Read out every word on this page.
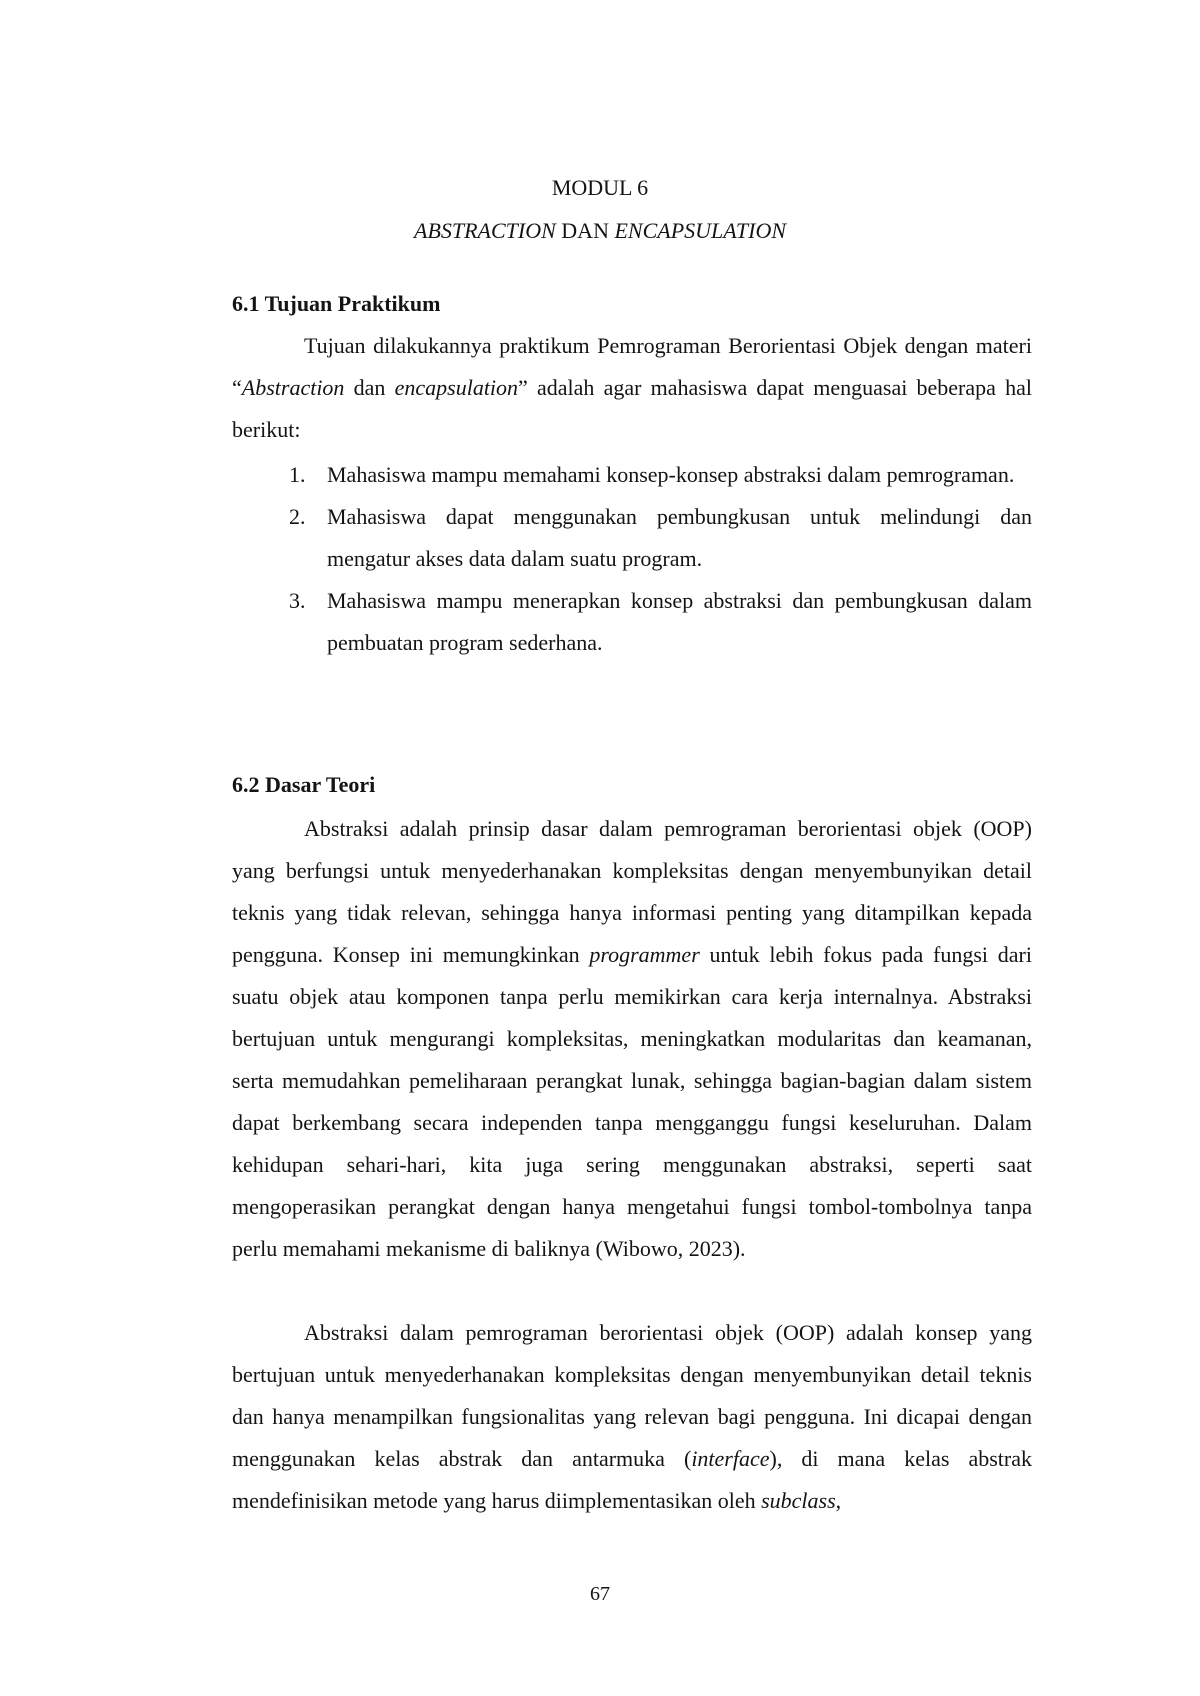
MODUL 6
ABSTRACTION DAN ENCAPSULATION
6.1 Tujuan Praktikum
Tujuan dilakukannya praktikum Pemrograman Berorientasi Objek dengan materi “Abstraction dan encapsulation” adalah agar mahasiswa dapat menguasai beberapa hal berikut:
1. Mahasiswa mampu memahami konsep-konsep abstraksi dalam pemrograman.
2. Mahasiswa dapat menggunakan pembungkusan untuk melindungi dan mengatur akses data dalam suatu program.
3. Mahasiswa mampu menerapkan konsep abstraksi dan pembungkusan dalam pembuatan program sederhana.
6.2 Dasar Teori
Abstraksi adalah prinsip dasar dalam pemrograman berorientasi objek (OOP) yang berfungsi untuk menyederhanakan kompleksitas dengan menyembunyikan detail teknis yang tidak relevan, sehingga hanya informasi penting yang ditampilkan kepada pengguna. Konsep ini memungkinkan programmer untuk lebih fokus pada fungsi dari suatu objek atau komponen tanpa perlu memikirkan cara kerja internalnya. Abstraksi bertujuan untuk mengurangi kompleksitas, meningkatkan modularitas dan keamanan, serta memudahkan pemeliharaan perangkat lunak, sehingga bagian-bagian dalam sistem dapat berkembang secara independen tanpa mengganggu fungsi keseluruhan. Dalam kehidupan sehari-hari, kita juga sering menggunakan abstraksi, seperti saat mengoperasikan perangkat dengan hanya mengetahui fungsi tombol-tombolnya tanpa perlu memahami mekanisme di baliknya (Wibowo, 2023).
Abstraksi dalam pemrograman berorientasi objek (OOP) adalah konsep yang bertujuan untuk menyederhanakan kompleksitas dengan menyembunyikan detail teknis dan hanya menampilkan fungsionalitas yang relevan bagi pengguna. Ini dicapai dengan menggunakan kelas abstrak dan antarmuka (interface), di mana kelas abstrak mendefinisikan metode yang harus diimplementasikan oleh subclass,
67
